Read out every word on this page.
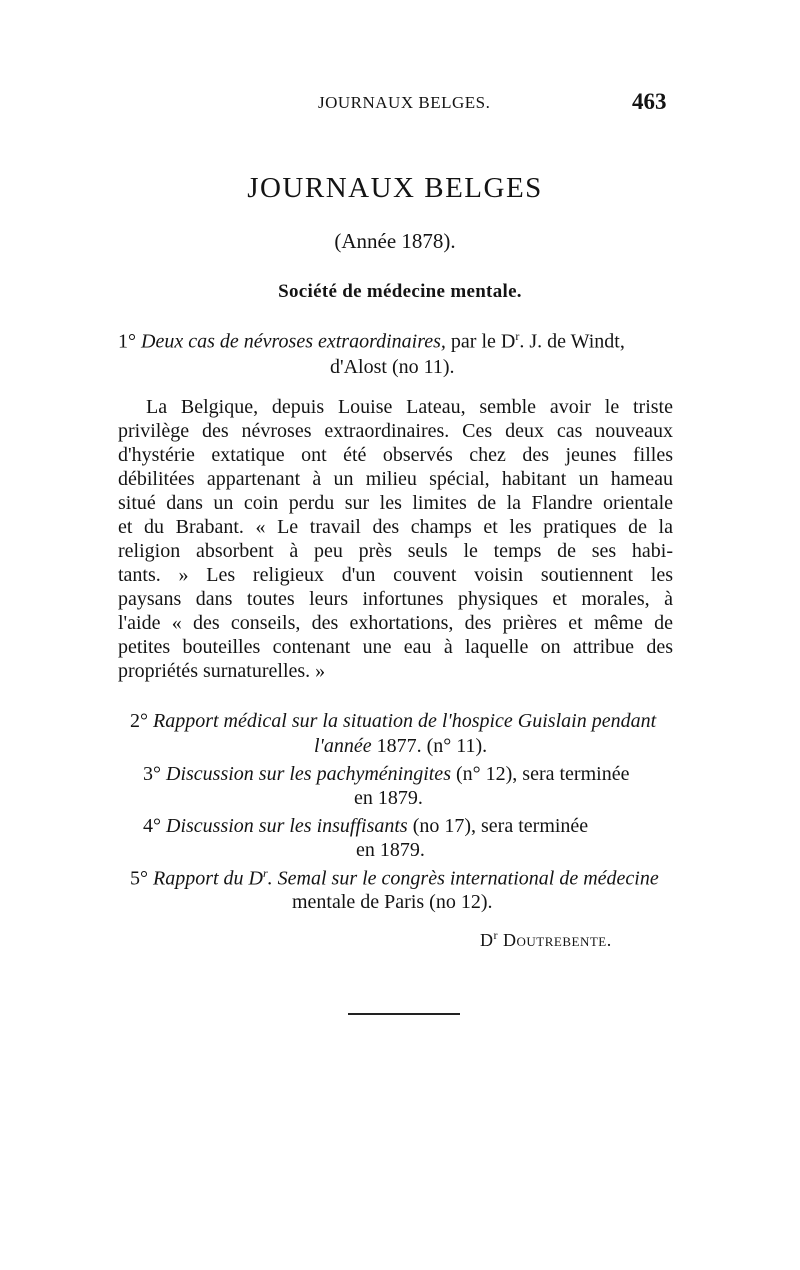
JOURNAUX BELGES.	463
JOURNAUX BELGES
(Année 1878).
Société de médecine mentale.
1° Deux cas de névroses extraordinaires, par le $D^r$. J. de Windt,
d'Alost (no 11).
La Belgique, depuis Louise Lateau, semble avoir le triste
privilège des névroses extraordinaires. Ces deux cas nouveaux
d'hystérie extatique ont été observés chez des jeunes filles
débilitées appartenant à un milieu spécial, habitant un hameau
situé dans un coin perdu sur les limites de la Flandre orientale
et du Brabant. « Le travail des champs et les pratiques de la
religion absorbent à peu près seuls le temps de ses habi-
tants. » Les religieux d'un couvent voisin soutiennent les
paysans dans toutes leurs infortunes physiques et morales, à
l'aide « des conseils, des exhortations, des prières et même de
petites bouteilles contenant une eau à laquelle on attribue des
propriétés surnaturelles. »
2° Rapport médical sur la situation de l'hospice Guislain pendant
l'année 1877. (n° 11).
3° Discussion sur les pachyméningites (n° 12), sera terminée
en 1879.
4° Discussion sur les insuffisants (no 17), sera terminée
en 1879.
5° Rapport du $D^r$. Semal sur le congrès international de médecine
mentale de Paris (no 12).
$D^r$ Doutrebente.
